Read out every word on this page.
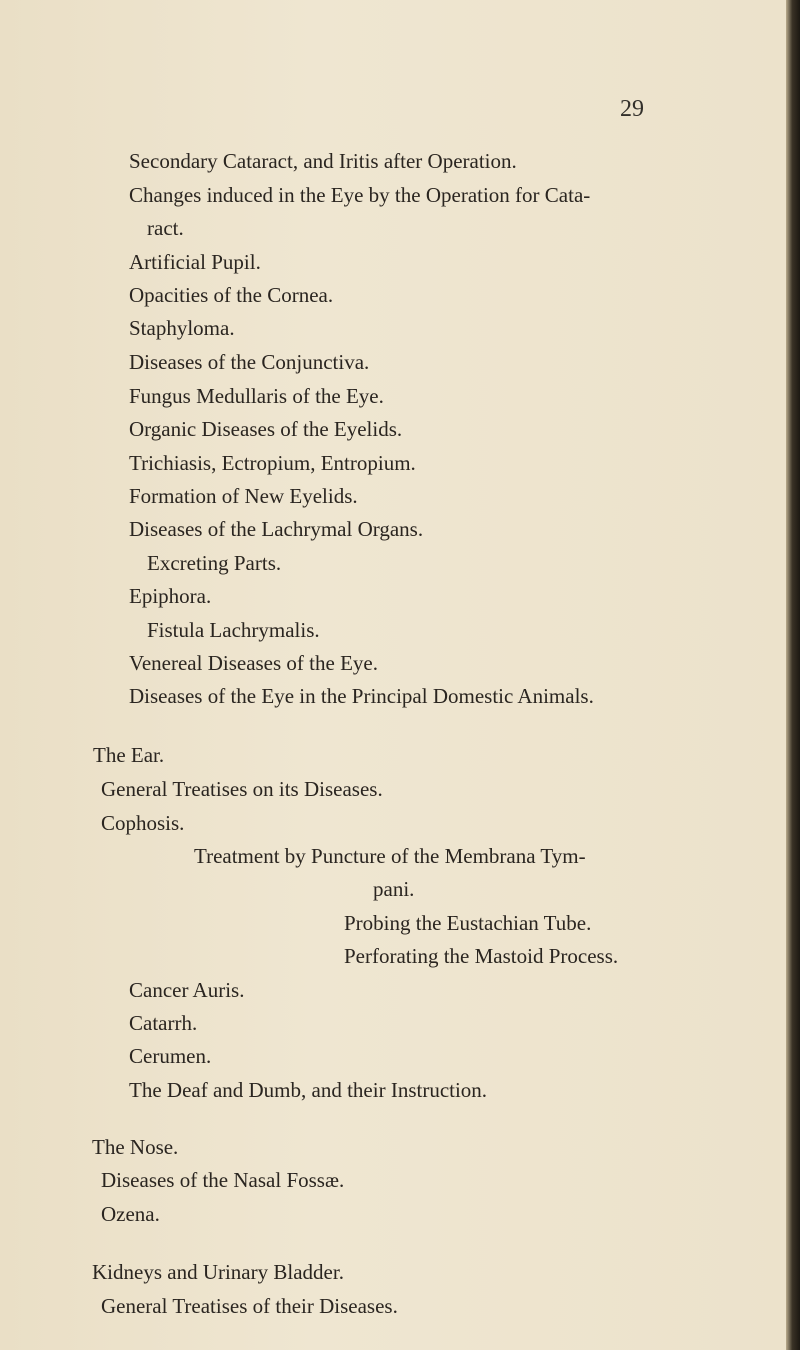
29
Secondary Cataract, and Iritis after Operation.
Changes induced in the Eye by the Operation for Cata-
ract.
Artificial Pupil.
Opacities of the Cornea.
Staphyloma.
Diseases of the Conjunctiva.
Fungus Medullaris of the Eye.
Organic Diseases of the Eyelids.
Trichiasis, Ectropium, Entropium.
Formation of New Eyelids.
Diseases of the Lachrymal Organs.
Excreting Parts.
Epiphora.
Fistula Lachrymalis.
Venereal Diseases of the Eye.
Diseases of the Eye in the Principal Domestic Animals.
The Ear.
General Treatises on its Diseases.
Cophosis.
Treatment by Puncture of the Membrana Tym-
pani.
Probing the Eustachian Tube.
Perforating the Mastoid Process.
Cancer Auris.
Catarrh.
Cerumen.
The Deaf and Dumb, and their Instruction.
The Nose.
Diseases of the Nasal Fossæ.
Ozena.
Kidneys and Urinary Bladder.
General Treatises of their Diseases.
